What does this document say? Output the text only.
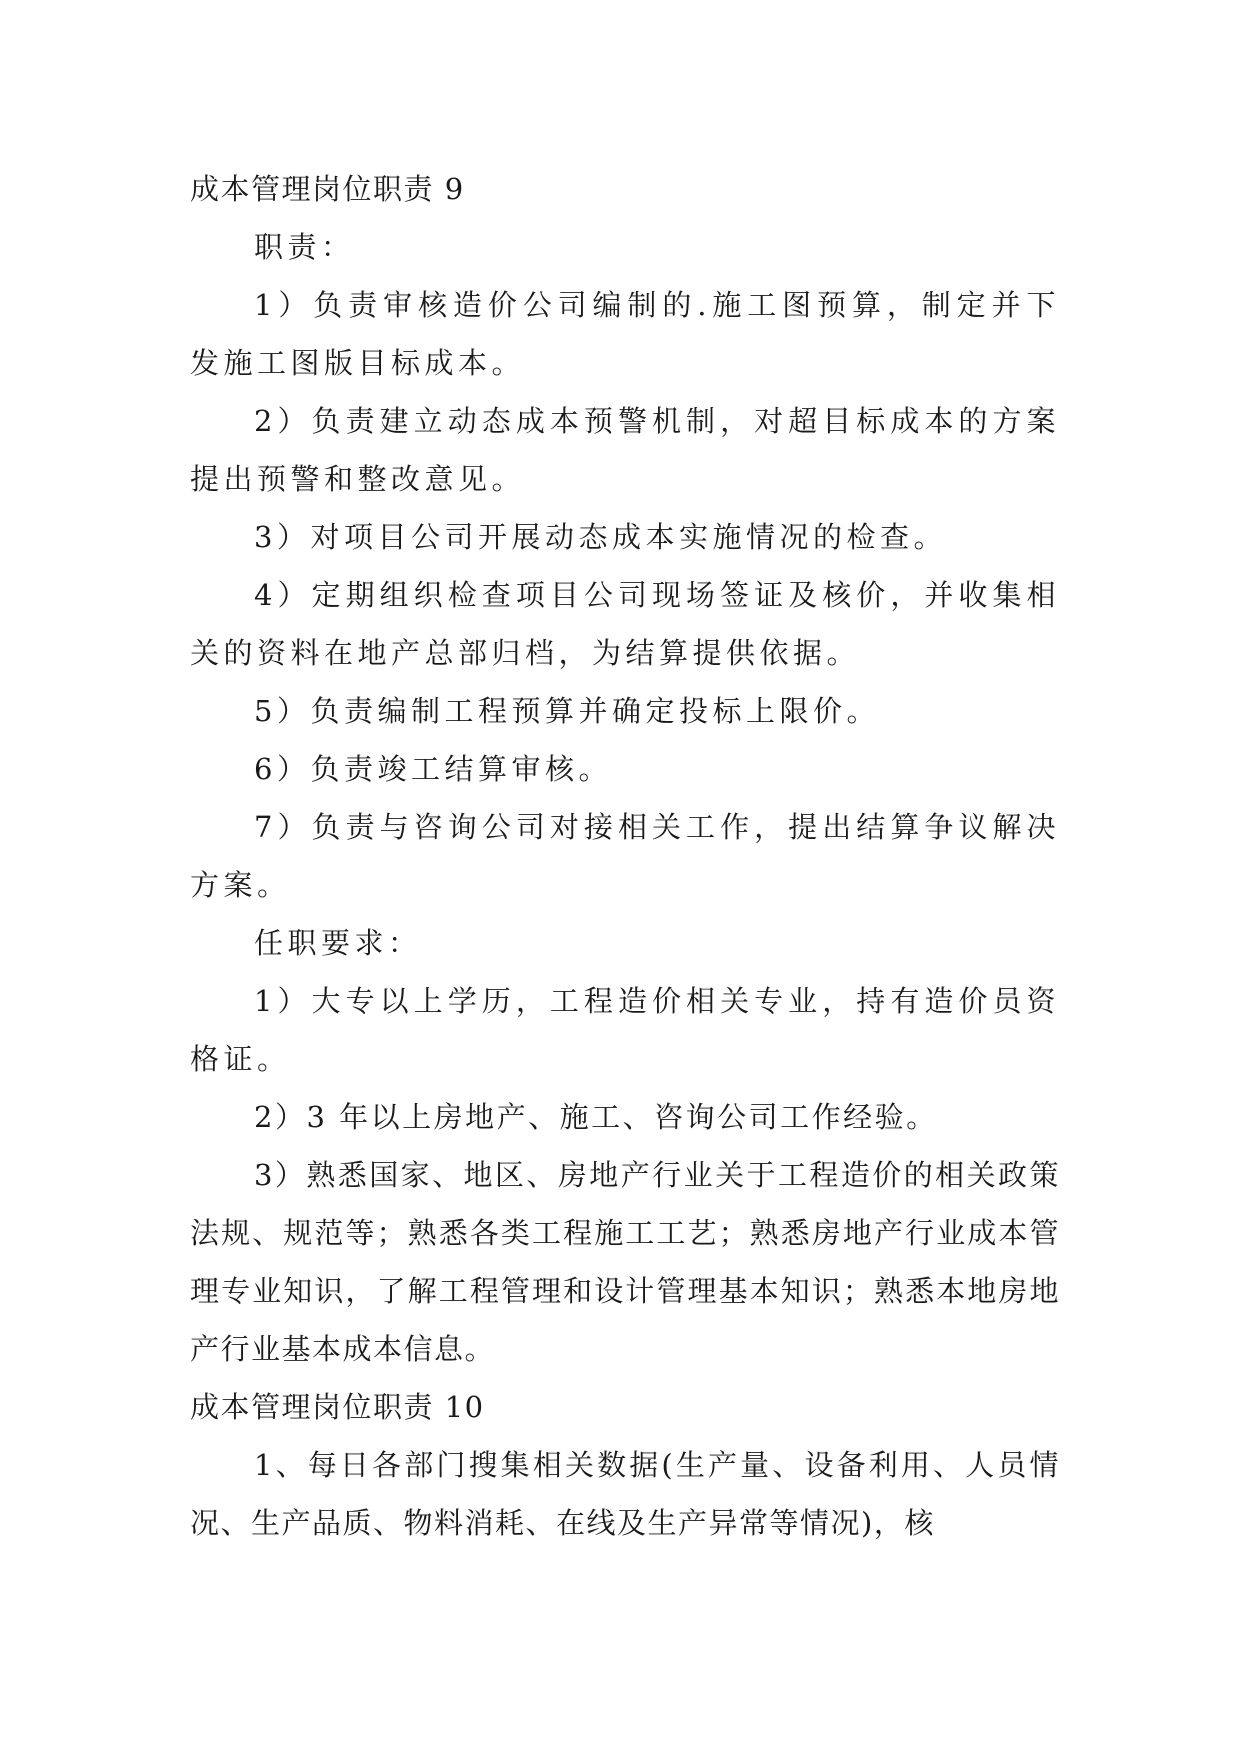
成本管理岗位职责 9

职责：

1）负责审核造价公司编制的.施工图预算，制定并下发施工图版目标成本。

2）负责建立动态成本预警机制，对超目标成本的方案提出预警和整改意见。

3）对项目公司开展动态成本实施情况的检查。

4）定期组织检查项目公司现场签证及核价，并收集相关的资料在地产总部归档，为结算提供依据。

5）负责编制工程预算并确定投标上限价。

6）负责竣工结算审核。

7）负责与咨询公司对接相关工作，提出结算争议解决方案。

任职要求：

1）大专以上学历，工程造价相关专业，持有造价员资格证。

2）3 年以上房地产、施工、咨询公司工作经验。

3）熟悉国家、地区、房地产行业关于工程造价的相关政策法规、规范等；熟悉各类工程施工工艺；熟悉房地产行业成本管理专业知识，了解工程管理和设计管理基本知识；熟悉本地房地产行业基本成本信息。

成本管理岗位职责 10

1、每日各部门搜集相关数据(生产量、设备利用、人员情况、生产品质、物料消耗、在线及生产异常等情况)，核
